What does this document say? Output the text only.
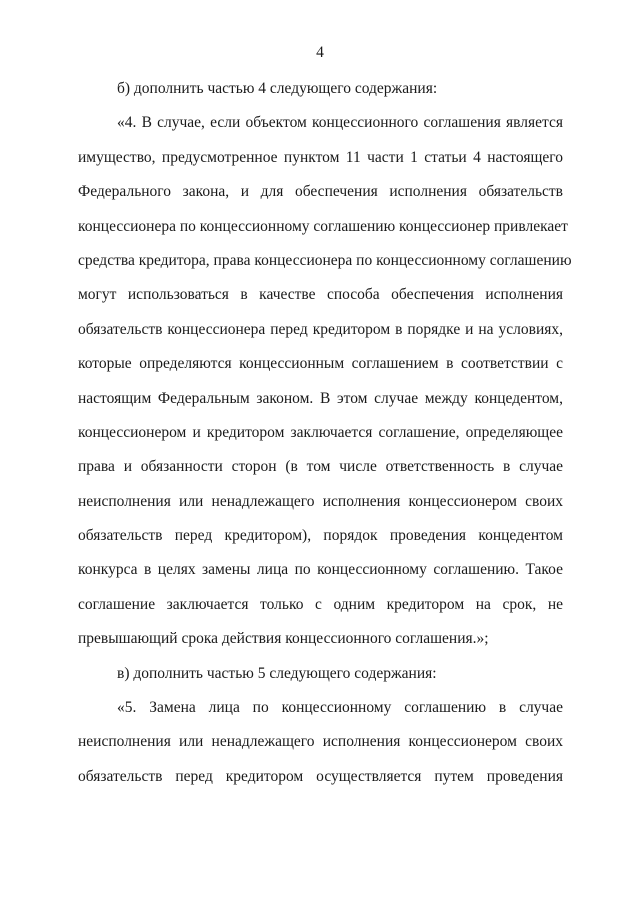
4
б) дополнить частью 4 следующего содержания:
«4. В случае, если объектом концессионного соглашения является
имущество, предусмотренное пунктом 11 части 1 статьи 4 настоящего
Федерального закона, и для обеспечения исполнения обязательств
концессионера по концессионному соглашению концессионер привлекает
средства кредитора, права концессионера по концессионному соглашению
могут использоваться в качестве способа обеспечения исполнения
обязательств концессионера перед кредитором в порядке и на условиях,
которые определяются концессионным соглашением в соответствии с
настоящим Федеральным законом. В этом случае между концедентом,
концессионером и кредитором заключается соглашение, определяющее
права и обязанности сторон (в том числе ответственность в случае
неисполнения или ненадлежащего исполнения концессионером своих
обязательств перед кредитором), порядок проведения концедентом
конкурса в целях замены лица по концессионному соглашению. Такое
соглашение заключается только с одним кредитором на срок, не
превышающий срока действия концессионного соглашения.»;
в) дополнить частью 5 следующего содержания:
«5. Замена лица по концессионному соглашению в случае
неисполнения или ненадлежащего исполнения концессионером своих
обязательств перед кредитором осуществляется путем проведения
